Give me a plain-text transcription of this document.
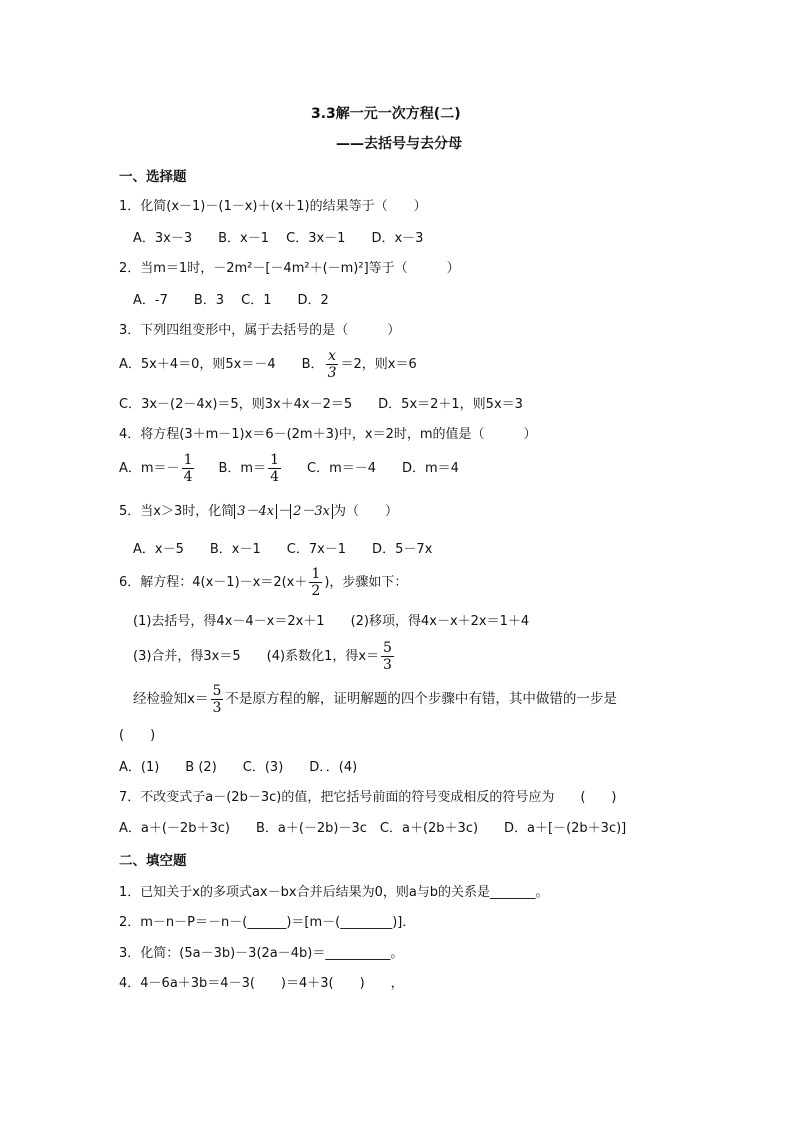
3.3解一元一次方程(二)
——去括号与去分母
一、选择题
1．化简(x－1)－(1－x)＋(x＋1)的结果等于（　　）
A．3x－3　　B．x－1　 C．3x－1　　D．x－3
2．当m＝1时，－2m²－[－4m²＋(－m)²]等于（　　　）
A．-7　　B．3　 C．1　　D．2
3．下列四组变形中，属于去括号的是（　　　）
A．5x＋4＝0，则5x＝－4　　B． $\frac{x}{3} =2$，则x＝6
C．3x－(2－4x)＝5，则3x＋4x－2＝5　　D．5x＝2＋1，则5x＝3
4．将方程(3＋m－1)x＝6－(2m＋3)中，x＝2时，m的值是（　　　）
A．$m=- \frac{1}{4}$ B．$m= \frac{1}{4}$ C．m＝－4　　D．m＝4
5．当x＞3时，化简 3－4x － 2－3x 为（　　）
A．x－5　　B．x－1　　C．7x－1　　D．5－7x
6．解方程：$4(x-1)-x=2(x+ \frac{1}{2}$ )，步骤如下：
(1)去括号，得4x－4－x＝2x＋1　　(2)移项，得4x－x＋2x＝1＋4
(3)合并，得3x＝5　　(4)系数化1，得$x= \frac{5}{3}$
经检验知$x= \frac{5}{3}$ 不是原方程的解，证明解题的四个步骤中有错，其中做错的一步是
(　　)
A．(1)　　B (2)　　C．(3)　　D．．(4)
7．不改变式子a－(2b－3c)的值，把它括号前面的符号变成相反的符号应为　　(　　)
A．a＋(－2b＋3c)　　B．a＋(－2b)－3c　C．a＋(2b＋3c)　　D．a＋[－(2b＋3c)]
二、填空题
1．已知关于x的多项式ax－bx合并后结果为0，则a与b的关系是_______。
2．m－n－P＝－n－(______)＝[m－(________)]．
3．化简：(5a－3b)－3(2a－4b)＝__________。
4．4－6a＋3b＝4－3(　　)＝4＋3(　　)　　，
